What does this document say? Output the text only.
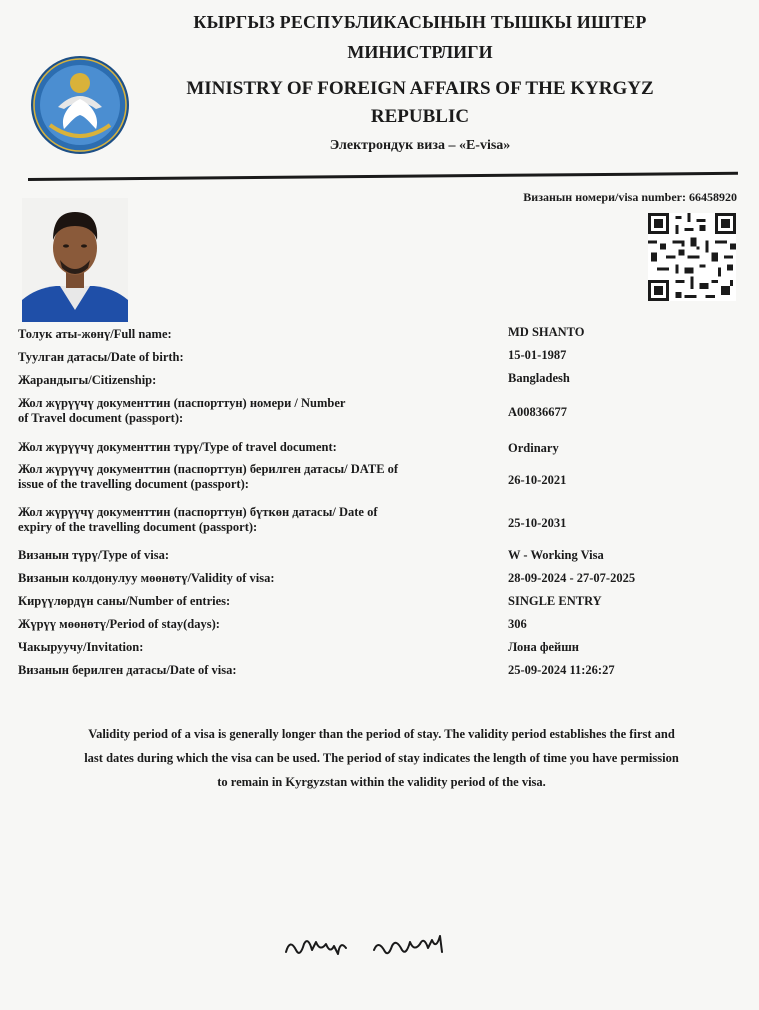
КЫРГЫЗ РЕСПУБЛИКАСЫНЫН ТЫШКЫ ИШТЕР

МИНИСТРЛИГИ

MINISTRY OF FOREIGN AFFAIRS OF THE KYRGYZ

REPUBLIC

Электрондук виза – «E-visa»

Визанын номери/visa number: 66458920
Толук аты-жөнү/Full name:	MD SHANTO
Туулган датасы/Date of birth:	15-01-1987
Жарандыгы/Citizenship:	Bangladesh
Жол жүрүүчү документтин (паспорттун) номери / Number of Travel document (passport):	A00836677
Жол жүрүүчү документтин түрү/Type of travel document:	Ordinary
Жол жүрүүчү документтин (паспорттун) берилген датасы/ DATE of issue of the travelling document (passport):	26-10-2021
Жол жүрүүчү документтин (паспорттун) бүткөн датасы/ Date of expiry of the travelling document (passport):	25-10-2031
Визанын түрү/Type of visa:	W - Working Visa
Визанын колдонулуу мөөнөтү/Validity of visa:	28-09-2024 - 27-07-2025
Кирүүлөрдүн саны/Number of entries:	SINGLE ENTRY
Жүрүү мөөнөтү/Period of stay(days):	306
Чакыруучу/Invitation:	Лона фейшн
Визанын берилген датасы/Date of visa:	25-09-2024 11:26:27
Validity period of a visa is generally longer than the period of stay. The validity period establishes the first and
last dates during which the visa can be used. The period of stay indicates the length of time you have permission
to remain in Kyrgyzstan within the validity period of the visa.
